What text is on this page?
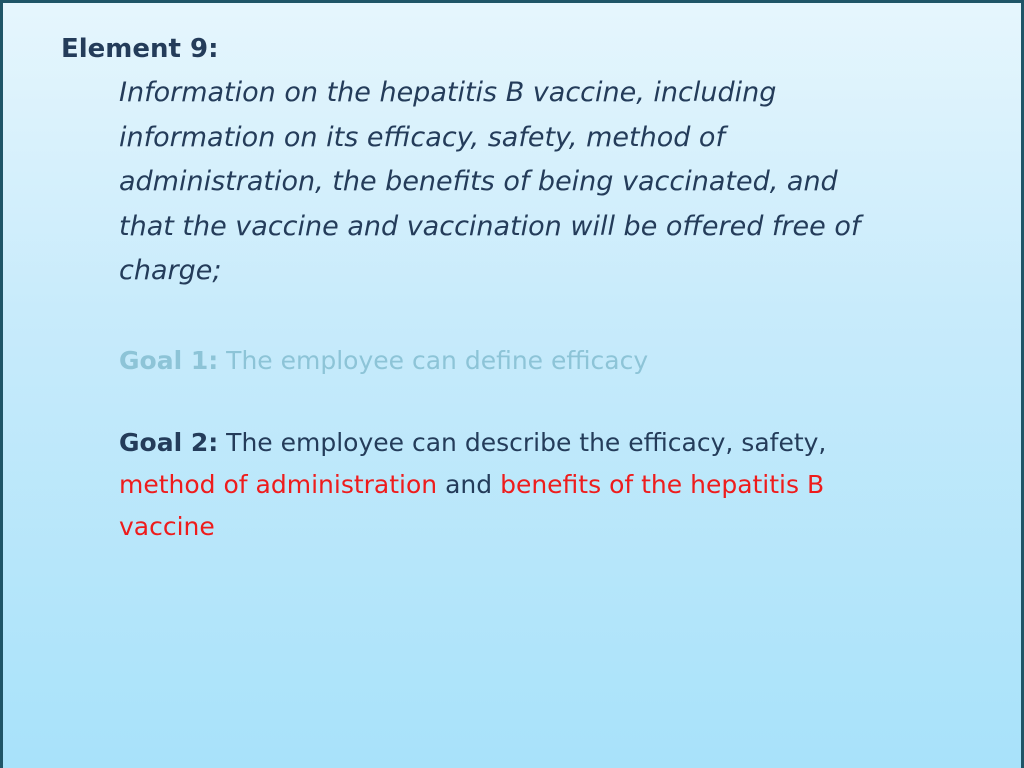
Element 9:

Information on the hepatitis B vaccine, including
information on its efficacy, safety, method of
administration, the benefits of being vaccinated, and
that the vaccine and vaccination will be offered free of
charge;

Goal 1: The employee can define efficacy

Goal 2: The employee can describe the efficacy, safety,
method of administration and benefits of the hepatitis B
vaccine
